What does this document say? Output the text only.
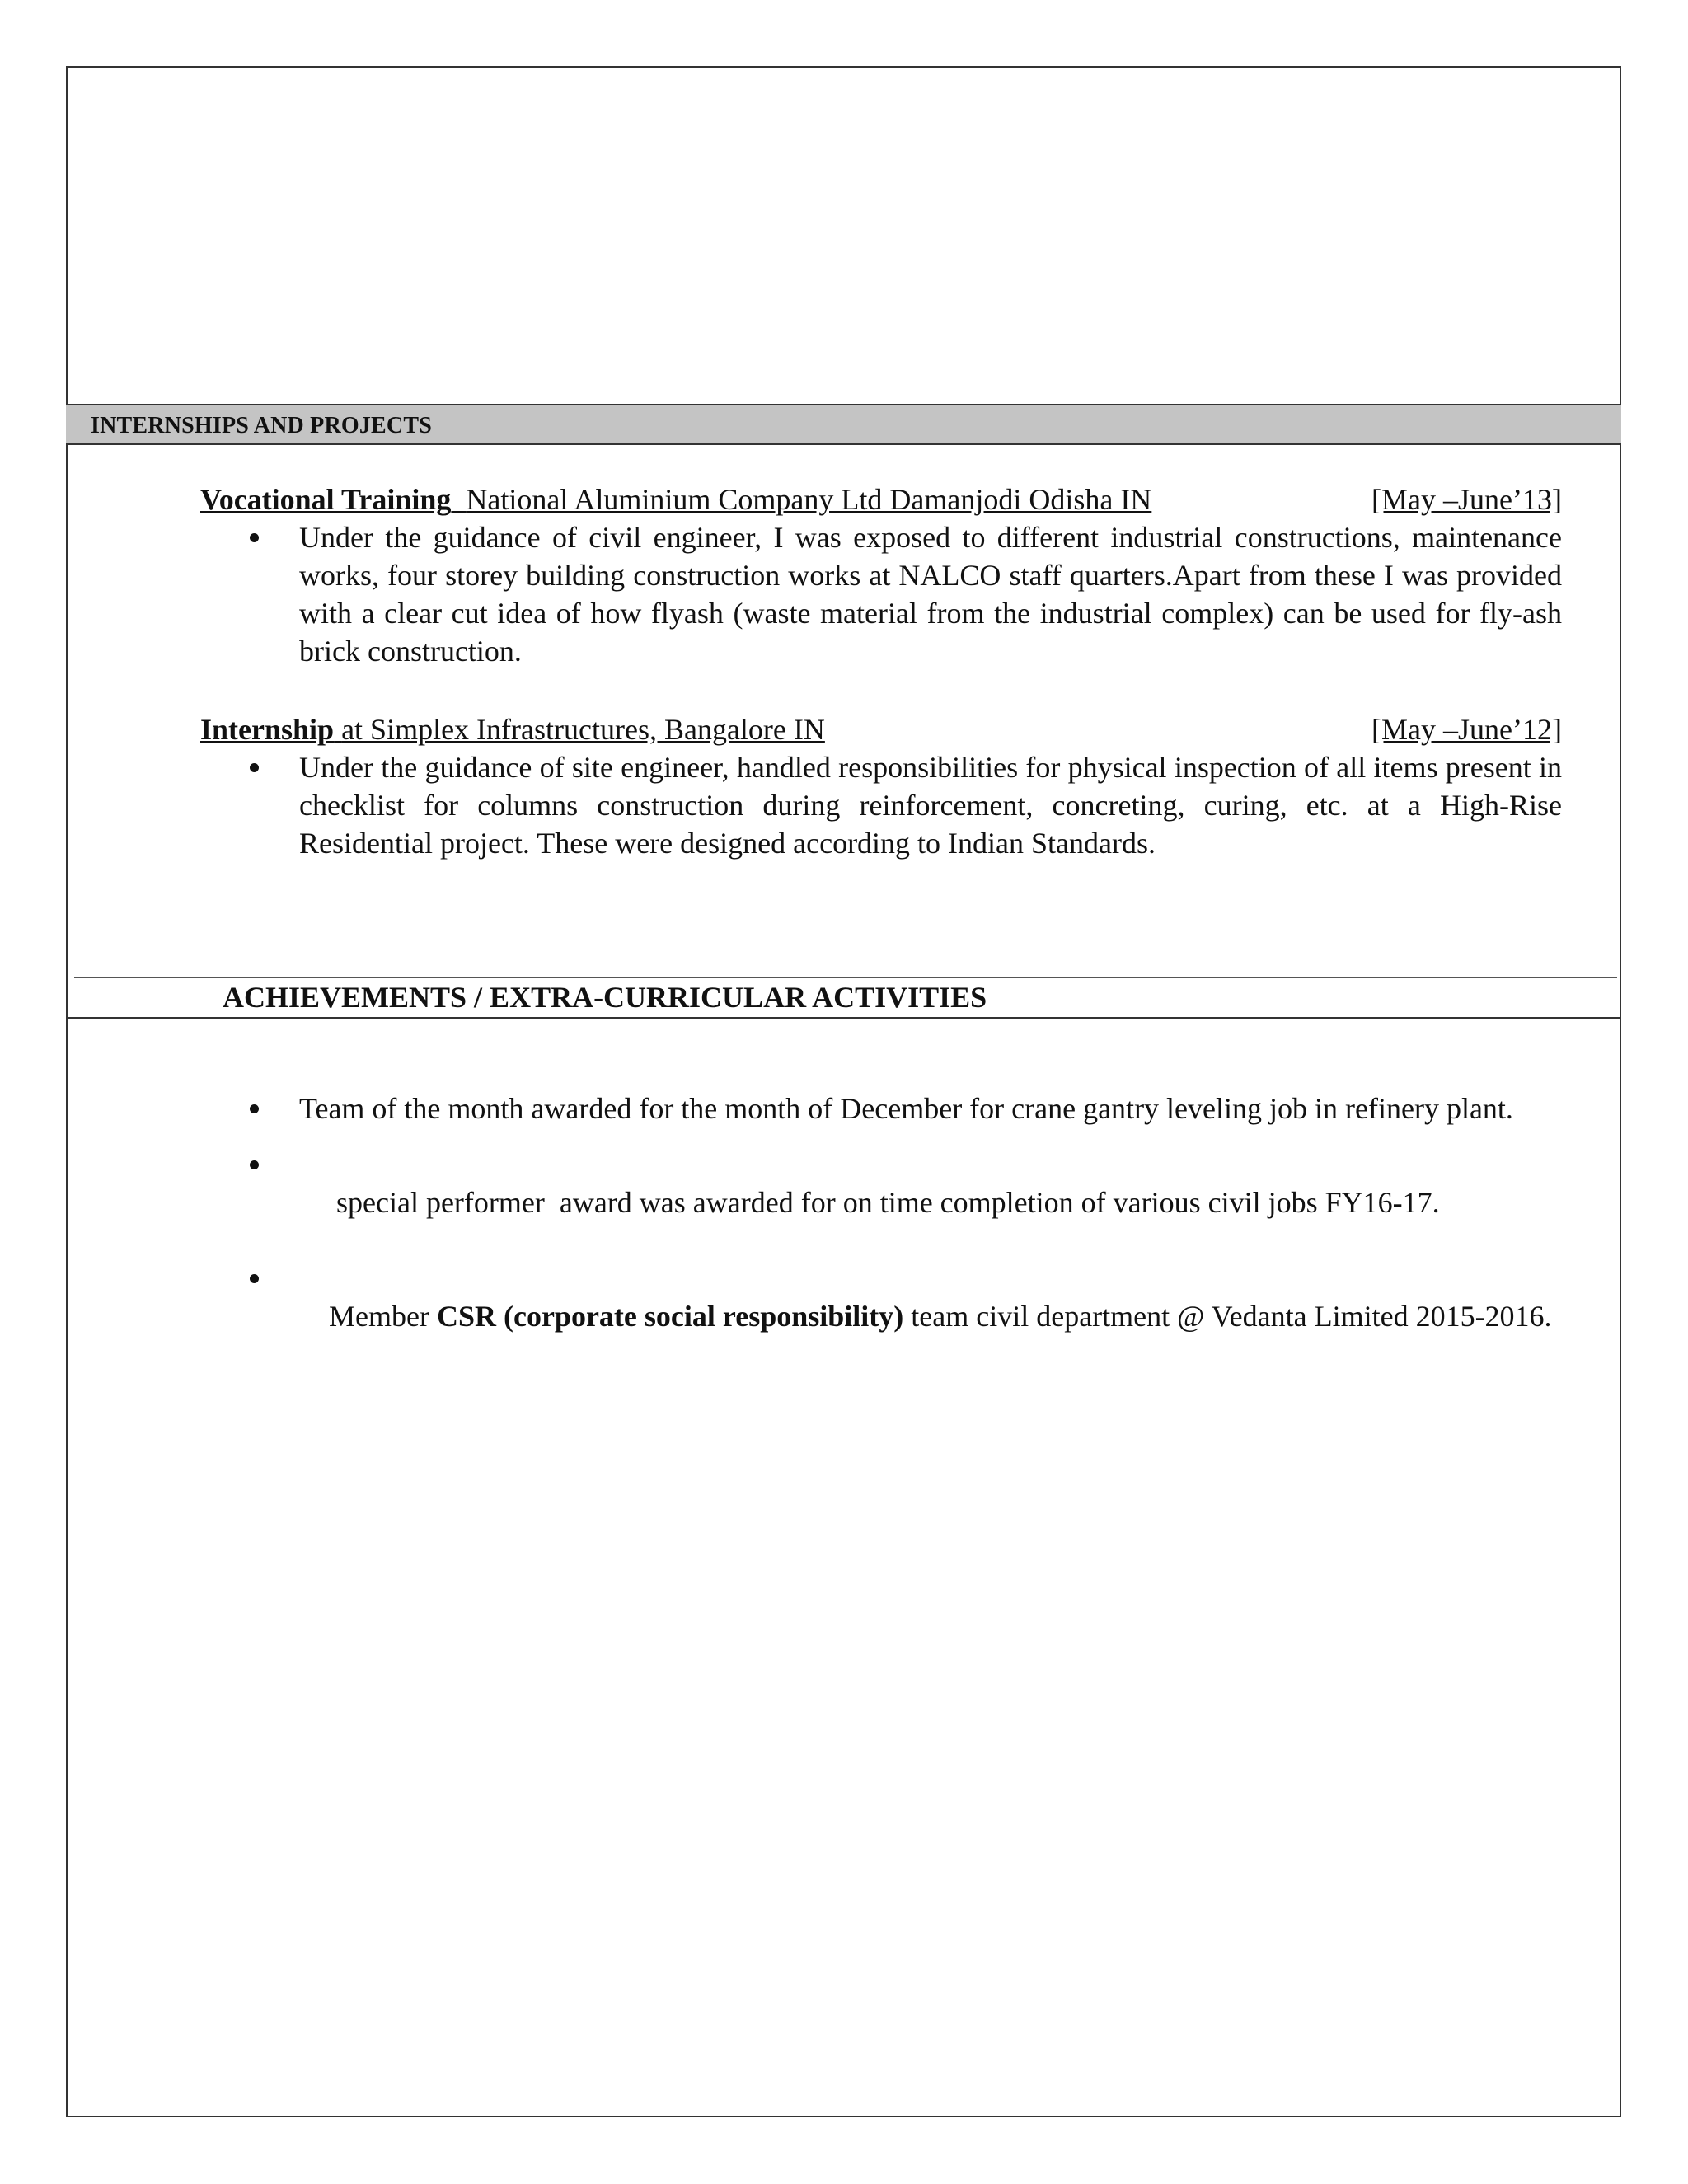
INTERNSHIPS AND PROJECTS
Vocational Training National Aluminium Company Ltd Damanjodi Odisha IN	[May –June’13]
Under the guidance of civil engineer, I was exposed to different industrial constructions, maintenance works, four storey building construction works at NALCO staff quarters.Apart from these I was provided with a clear cut idea of how flyash (waste material from the industrial complex) can be used for fly-ash brick construction.
Internship at Simplex Infrastructures, Bangalore IN	[May –June’12]
Under the guidance of site engineer, handled responsibilities for physical inspection of all items present in checklist for columns construction during reinforcement, concreting, curing, etc. at a High-Rise Residential project. These were designed according to Indian Standards.
ACHIEVEMENTS / EXTRA-CURRICULAR ACTIVITIES
Team of the month awarded for the month of December for crane gantry leveling job in refinery plant.

special performer  award was awarded for on time completion of various civil jobs FY16-17.

Member CSR (corporate social responsibility) team civil department @ Vedanta Limited 2015-2016.
